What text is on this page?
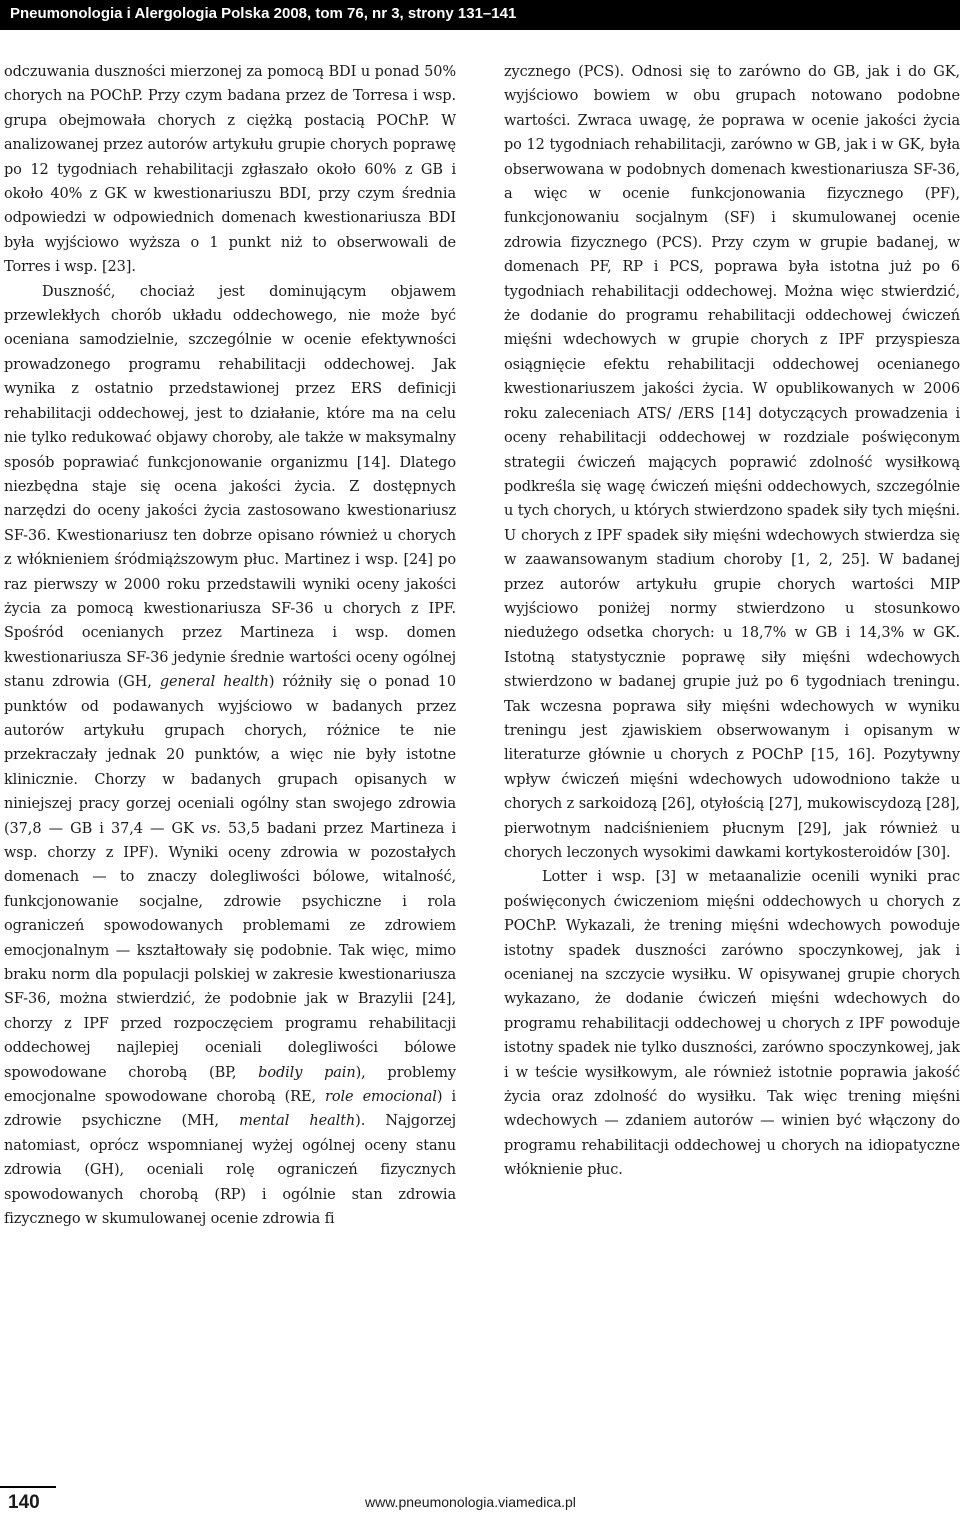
Pneumonologia i Alergologia Polska 2008, tom 76, nr 3, strony 131–141

odczuwania duszności mierzonej za pomocą BDI u ponad 50% chorych na POChP. Przy czym badana przez de Torresa i wsp. grupa obejmowała chorych z ciężką postacią POChP. W analizowanej przez autorów artykułu grupie chorych poprawę po 12 tygodniach rehabilitacji zgłaszało około 60% z GB i około 40% z GK w kwestionariuszu BDI, przy czym średnia odpowiedzi w odpowiednich domenach kwestionariusza BDI była wyjściowo wyższa o 1 punkt niż to obserwowali de Torres i wsp. [23].

Duszność, chociaż jest dominującym objawem przewlekłych chorób układu oddechowego, nie może być oceniana samodzielnie, szczególnie w ocenie efektywności prowadzonego programu rehabilitacji oddechowej. Jak wynika z ostatnio przedstawionej przez ERS definicji rehabilitacji oddechowej, jest to działanie, które ma na celu nie tylko redukować objawy choroby, ale także w maksymalny sposób poprawiać funkcjonowanie organizmu [14]. Dlatego niezbędna staje się ocena jakości życia. Z dostępnych narzędzi do oceny jakości życia zastosowano kwestionariusz SF-36. Kwestionariusz ten dobrze opisano również u chorych z włóknieniem śródmiąższowym płuc. Martinez i wsp. [24] po raz pierwszy w 2000 roku przedstawili wyniki oceny jakości życia za pomocą kwestionariusza SF-36 u chorych z IPF. Spośród ocenianych przez Martineza i wsp. domen kwestionariusza SF-36 jedynie średnie wartości oceny ogólnej stanu zdrowia (GH, general health) różniły się o ponad 10 punktów od podawanych wyjściowo w badanych przez autorów artykułu grupach chorych, różnice te nie przekraczały jednak 20 punktów, a więc nie były istotne klinicznie. Chorzy w badanych grupach opisanych w niniejszej pracy gorzej oceniali ogólny stan swojego zdrowia (37,8 — GB i 37,4 — GK vs. 53,5 badani przez Martineza i wsp. chorzy z IPF). Wyniki oceny zdrowia w pozostałych domenach — to znaczy dolegliwości bólowe, witalność, funkcjonowanie socjalne, zdrowie psychiczne i rola ograniczeń spowodowanych problemami ze zdrowiem emocjonalnym — kształtowały się podobnie. Tak więc, mimo braku norm dla populacji polskiej w zakresie kwestionariusza SF-36, można stwierdzić, że podobnie jak w Brazylii [24], chorzy z IPF przed rozpoczęciem programu rehabilitacji oddechowej najlepiej oceniali dolegliwości bólowe spowodowane chorobą (BP, bodily pain), problemy emocjonalne spowodowane chorobą (RE, role emocional) i zdrowie psychiczne (MH, mental health). Najgorzej natomiast, oprócz wspomnianej wyżej ogólnej oceny stanu zdrowia (GH), oceniali rolę ograniczeń fizycznych spowodowanych chorobą (RP) i ogólnie stan zdrowia fizycznego w skumulowanej ocenie zdrowia fi

zycznego (PCS). Odnosi się to zarówno do GB, jak i do GK, wyjściowo bowiem w obu grupach notowano podobne wartości. Zwraca uwagę, że poprawa w ocenie jakości życia po 12 tygodniach rehabilitacji, zarówno w GB, jak i w GK, była obserwowana w podobnych domenach kwestionariusza SF-36, a więc w ocenie funkcjonowania fizycznego (PF), funkcjonowaniu socjalnym (SF) i skumulowanej ocenie zdrowia fizycznego (PCS). Przy czym w grupie badanej, w domenach PF, RP i PCS, poprawa była istotna już po 6 tygodniach rehabilitacji oddechowej. Można więc stwierdzić, że dodanie do programu rehabilitacji oddechowej ćwiczeń mięśni wdechowych w grupie chorych z IPF przyspiesza osiągnięcie efektu rehabilitacji oddechowej ocenianego kwestionariuszem jakości życia. W opublikowanych w 2006 roku zaleceniach ATS/ /ERS [14] dotyczących prowadzenia i oceny rehabilitacji oddechowej w rozdziale poświęconym strategii ćwiczeń mających poprawić zdolność wysiłkową podkreśla się wagę ćwiczeń mięśni oddechowych, szczególnie u tych chorych, u których stwierdzono spadek siły tych mięśni. U chorych z IPF spadek siły mięśni wdechowych stwierdza się w zaawansowanym stadium choroby [1, 2, 25]. W badanej przez autorów artykułu grupie chorych wartości MIP wyjściowo poniżej normy stwierdzono u stosunkowo niedużego odsetka chorych: u 18,7% w GB i 14,3% w GK. Istotną statystycznie poprawę siły mięśni wdechowych stwierdzono w badanej grupie już po 6 tygodniach treningu. Tak wczesna poprawa siły mięśni wdechowych w wyniku treningu jest zjawiskiem obserwowanym i opisanym w literaturze głównie u chorych z POChP [15, 16]. Pozytywny wpływ ćwiczeń mięśni wdechowych udowodniono także u chorych z sarkoidozą [26], otyłością [27], mukowiscydozą [28], pierwotnym nadciśnieniem płucnym [29], jak również u chorych leczonych wysokimi dawkami kortykosteroidów [30].

Lotter i wsp. [3] w metaanalizie ocenili wyniki prac poświęconych ćwiczeniom mięśni oddechowych u chorych z POChP. Wykazali, że trening mięśni wdechowych powoduje istotny spadek duszności zarówno spoczynkowej, jak i ocenianej na szczycie wysiłku. W opisywanej grupie chorych wykazano, że dodanie ćwiczeń mięśni wdechowych do programu rehabilitacji oddechowej u chorych z IPF powoduje istotny spadek nie tylko duszności, zarówno spoczynkowej, jak i w teście wysiłkowym, ale również istotnie poprawia jakość życia oraz zdolność do wysiłku. Tak więc trening mięśni wdechowych — zdaniem autorów — winien być włączony do programu rehabilitacji oddechowej u chorych na idiopatyczne włóknienie płuc.

140	www.pneumonologia.viamedica.pl
